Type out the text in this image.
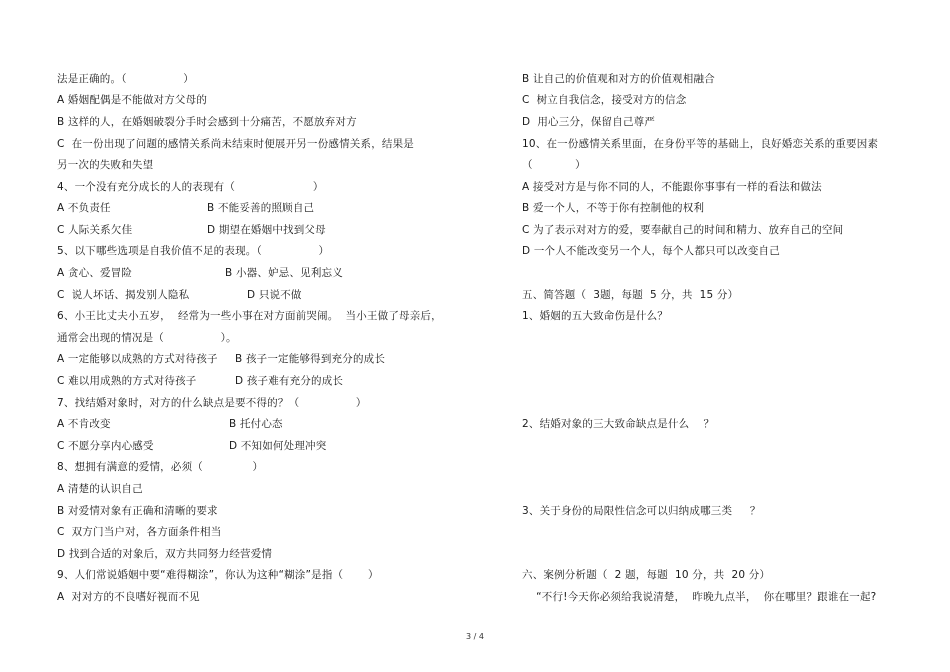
法是正确的。（                ）
A 婚姻配偶是不能做对方父母的
B 这样的人，在婚姻破裂分手时会感到十分痛苦，不愿放弃对方
C  在一份出现了问题的感情关系尚未结束时便展开另一份感情关系，结果是
另一次的失败和失望
4、一个没有充分成长的人的表现有（                      ）
A 不负责任	B 不能妥善的照顾自己
C 人际关系欠佳	D 期望在婚姻中找到父母
5、以下哪些选项是自我价值不足的表现。（                ）
A 贪心、爱冒险	B 小器、妒忌、见利忘义
C  说人坏话、揭发别人隐私	D 只说不做
6、小王比丈夫小五岁，  经常为一些小事在对方面前哭闹。  当小王做了母亲后，
通常会出现的情况是（                ）。
A 一定能够以成熟的方式对待孩子 B 孩子一定能够得到充分的成长
C 难以用成熟的方式对待孩子	D 孩子难有充分的成长
7、找结婚对象时，对方的什么缺点是要不得的？（                ）
A 不肯改变	B 托付心态
C 不愿分享内心感受	D 不知如何处理冲突
8、想拥有满意的爱情，必须（              ）
A 清楚的认识自己
B 对爱情对象有正确和清晰的要求
C  双方门当户对，各方面条件相当
D 找到合适的对象后，双方共同努力经营爱情
9、人们常说婚姻中要“难得糊涂”，你认为这种“糊涂”是指（       ）
A  对对方的不良嗜好视而不见
B 让自己的价值观和对方的价值观相融合
C  树立自我信念，接受对方的信念
D  用心三分，保留自己尊严
10、在一份感情关系里面，在身份平等的基础上，良好婚恋关系的重要因素
（            ）
A 接受对方是与你不同的人，不能跟你事事有一样的看法和做法
B 爱一个人，不等于你有控制他的权利
C 为了表示对对方的爱，要奉献自己的时间和精力、放弃自己的空间
D 一个人不能改变另一个人，每个人都只可以改变自己
五、简答题（  3题，每题  5 分，共  15 分）
1、婚姻的五大致命伤是什么？
2、结婚对象的三大致命缺点是什么    ？
3、关于身份的局限性信念可以归纳成哪三类     ？
六、案例分析题（  2 题，每题  10 分，共  20 分）
“不行!今天你必须给我说清楚，  昨晚九点半，  你在哪里？跟谁在一起?
3 / 4
